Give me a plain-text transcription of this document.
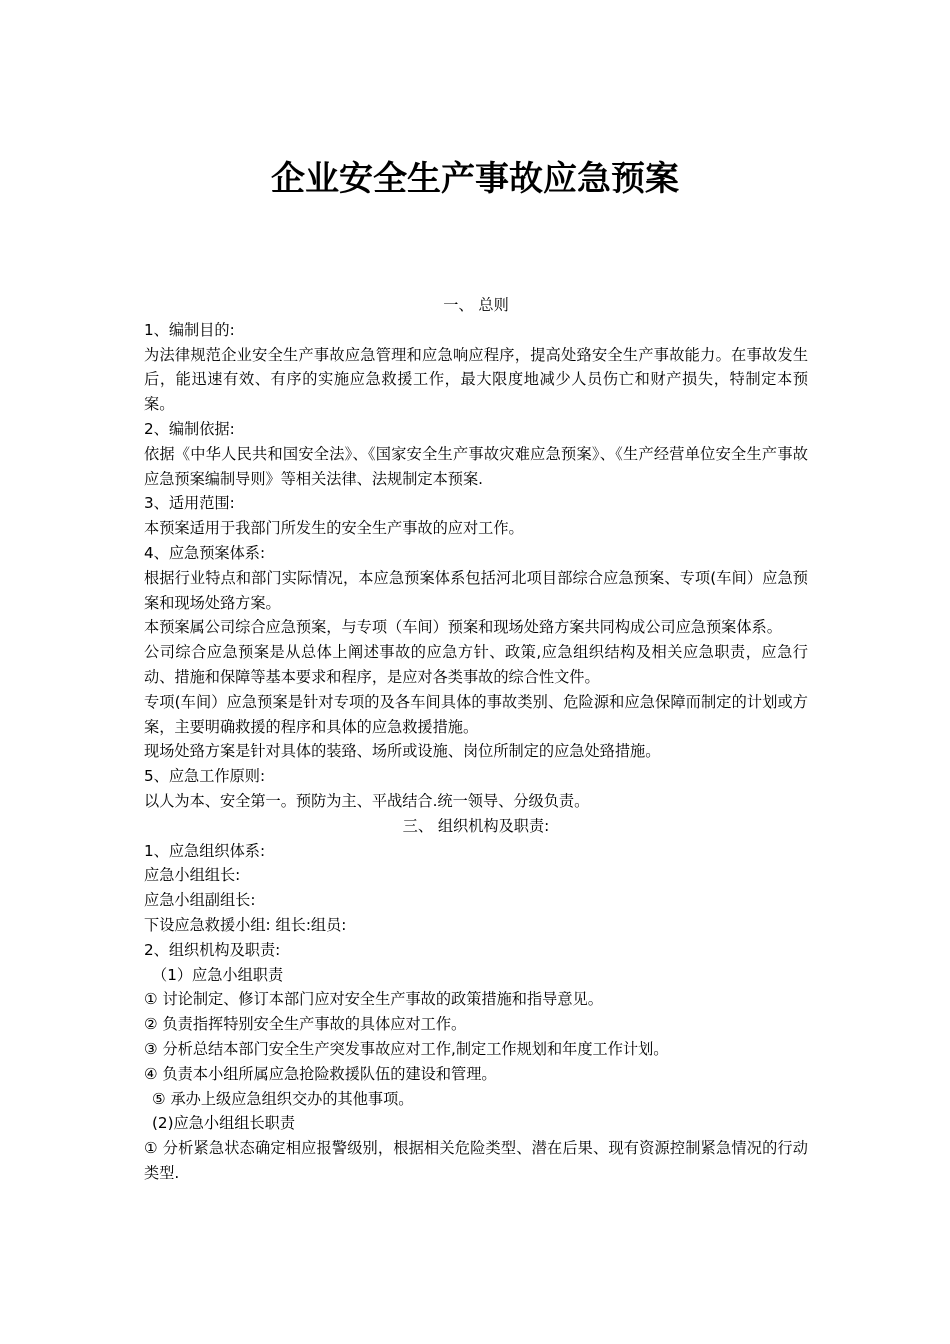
企业安全生产事故应急预案

一、 总则

1、编制目的:

为法律规范企业安全生产事故应急管理和应急响应程序，提高处臵安全生产事故能力。在事故发生后，能迅速有效、有序的实施应急救援工作，最大限度地减少人员伤亡和财产损失，特制定本预案。

2、编制依据:

依据《中华人民共和国安全法》、《国家安全生产事故灾难应急预案》、《生产经营单位安全生产事故应急预案编制导则》等相关法律、法规制定本预案.

3、适用范围:

本预案适用于我部门所发生的安全生产事故的应对工作。

4、应急预案体系:

根据行业特点和部门实际情况，本应急预案体系包括河北项目部综合应急预案、专项(车间）应急预案和现场处臵方案。

本预案属公司综合应急预案，与专项（车间）预案和现场处臵方案共同构成公司应急预案体系。

公司综合应急预案是从总体上阐述事故的应急方针、政策,应急组织结构及相关应急职责，应急行动、措施和保障等基本要求和程序，是应对各类事故的综合性文件。

专项(车间）应急预案是针对专项的及各车间具体的事故类别、危险源和应急保障而制定的计划或方案，主要明确救援的程序和具体的应急救援措施。

现场处臵方案是针对具体的装臵、场所或设施、岗位所制定的应急处臵措施。

5、应急工作原则:

以人为本、安全第一。预防为主、平战结合.统一领导、分级负责。

三、 组织机构及职责:

1、应急组织体系:

应急小组组长:

应急小组副组长:

下设应急救援小组: 组长:组员:

2、组织机构及职责:

（1）应急小组职责

① 讨论制定、修订本部门应对安全生产事故的政策措施和指导意见。

② 负责指挥特别安全生产事故的具体应对工作。

③ 分析总结本部门安全生产突发事故应对工作,制定工作规划和年度工作计划。

④ 负责本小组所属应急抢险救援队伍的建设和管理。

⑤ 承办上级应急组织交办的其他事项。

(2)应急小组组长职责

① 分析紧急状态确定相应报警级别，根据相关危险类型、潜在后果、现有资源控制紧急情况的行动类型.
